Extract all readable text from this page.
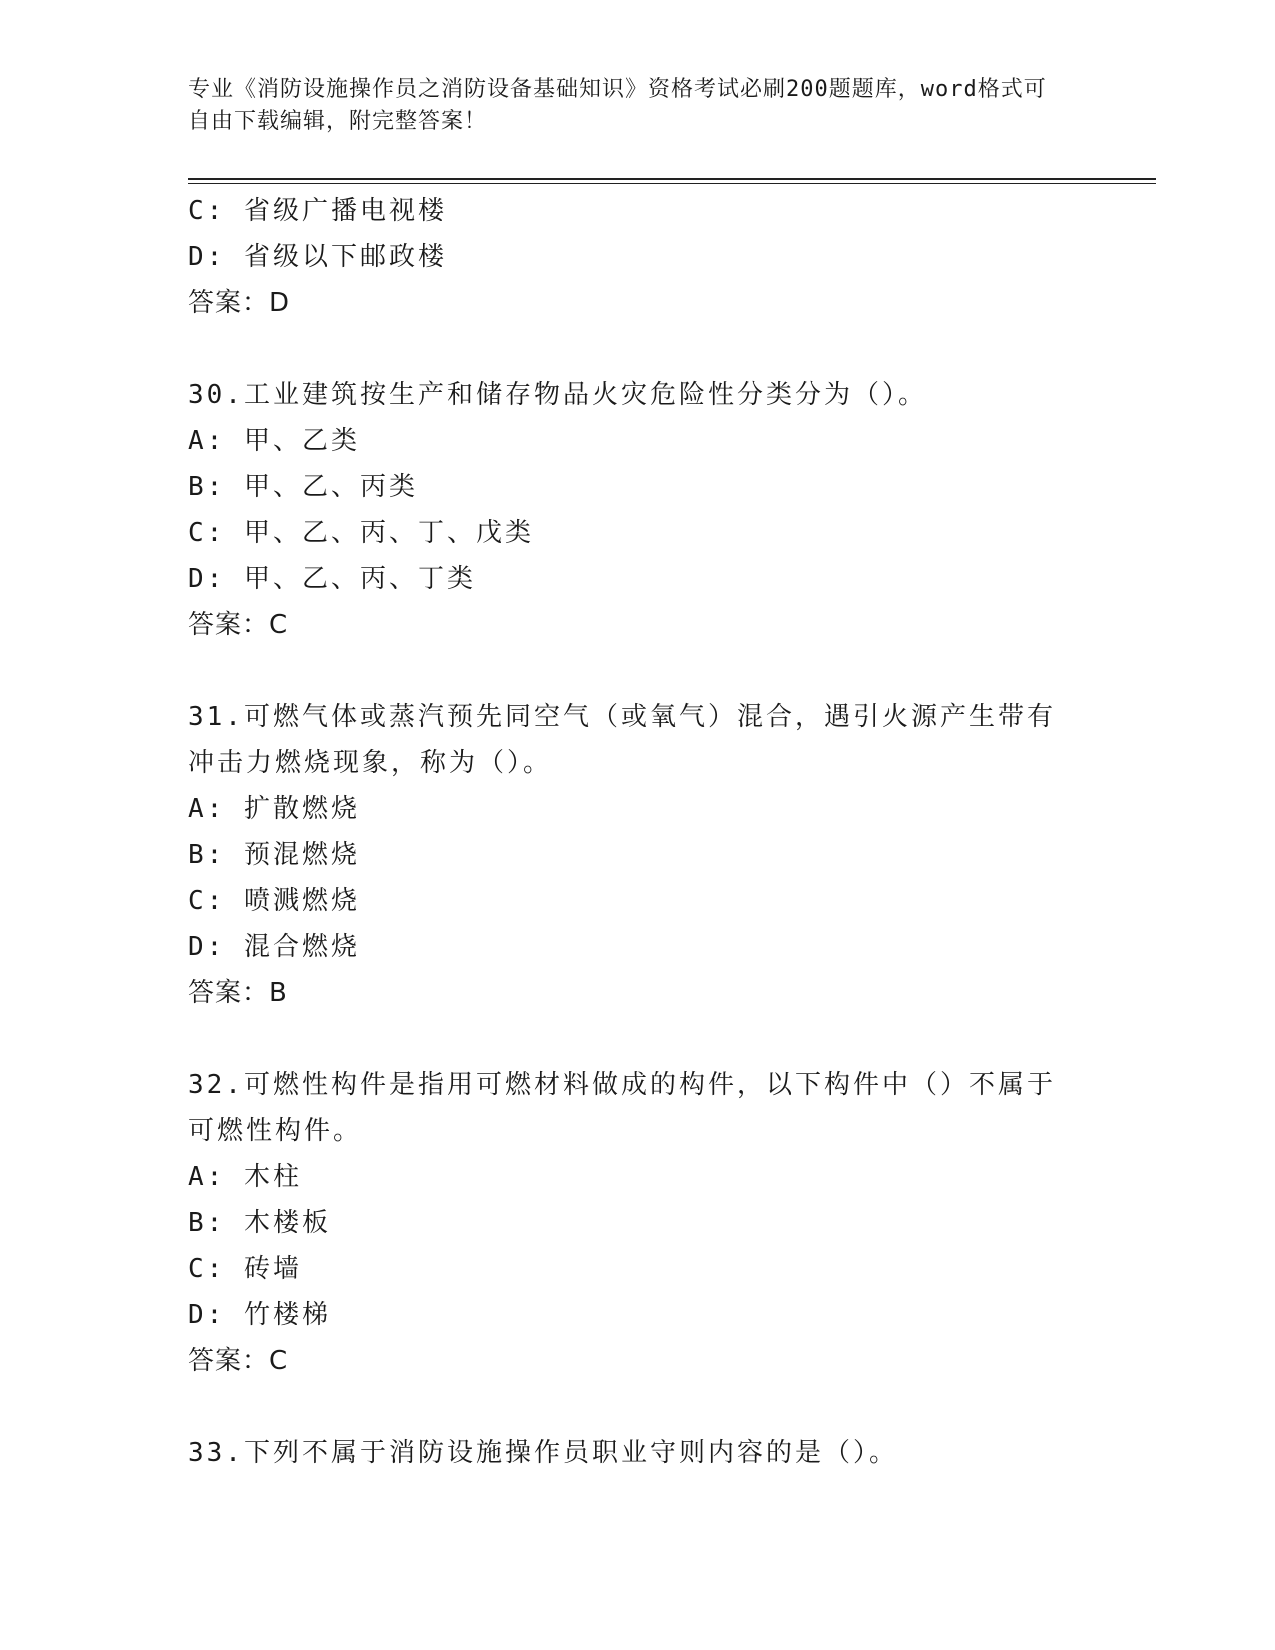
专业《消防设施操作员之消防设备基础知识》资格考试必刷200题题库，word格式可自由下载编辑，附完整答案！
C: 省级广播电视楼
D: 省级以下邮政楼
答案：D
30.工业建筑按生产和储存物品火灾危险性分类分为（）。
A: 甲、乙类
B: 甲、乙、丙类
C: 甲、乙、丙、丁、戊类
D: 甲、乙、丙、丁类
答案：C
31.可燃气体或蒸汽预先同空气（或氧气）混合，遇引火源产生带有冲击力燃烧现象，称为（）。
A: 扩散燃烧
B: 预混燃烧
C: 喷溅燃烧
D: 混合燃烧
答案：B
32.可燃性构件是指用可燃材料做成的构件，以下构件中（）不属于可燃性构件。
A: 木柱
B: 木楼板
C: 砖墙
D: 竹楼梯
答案：C
33.下列不属于消防设施操作员职业守则内容的是（）。
